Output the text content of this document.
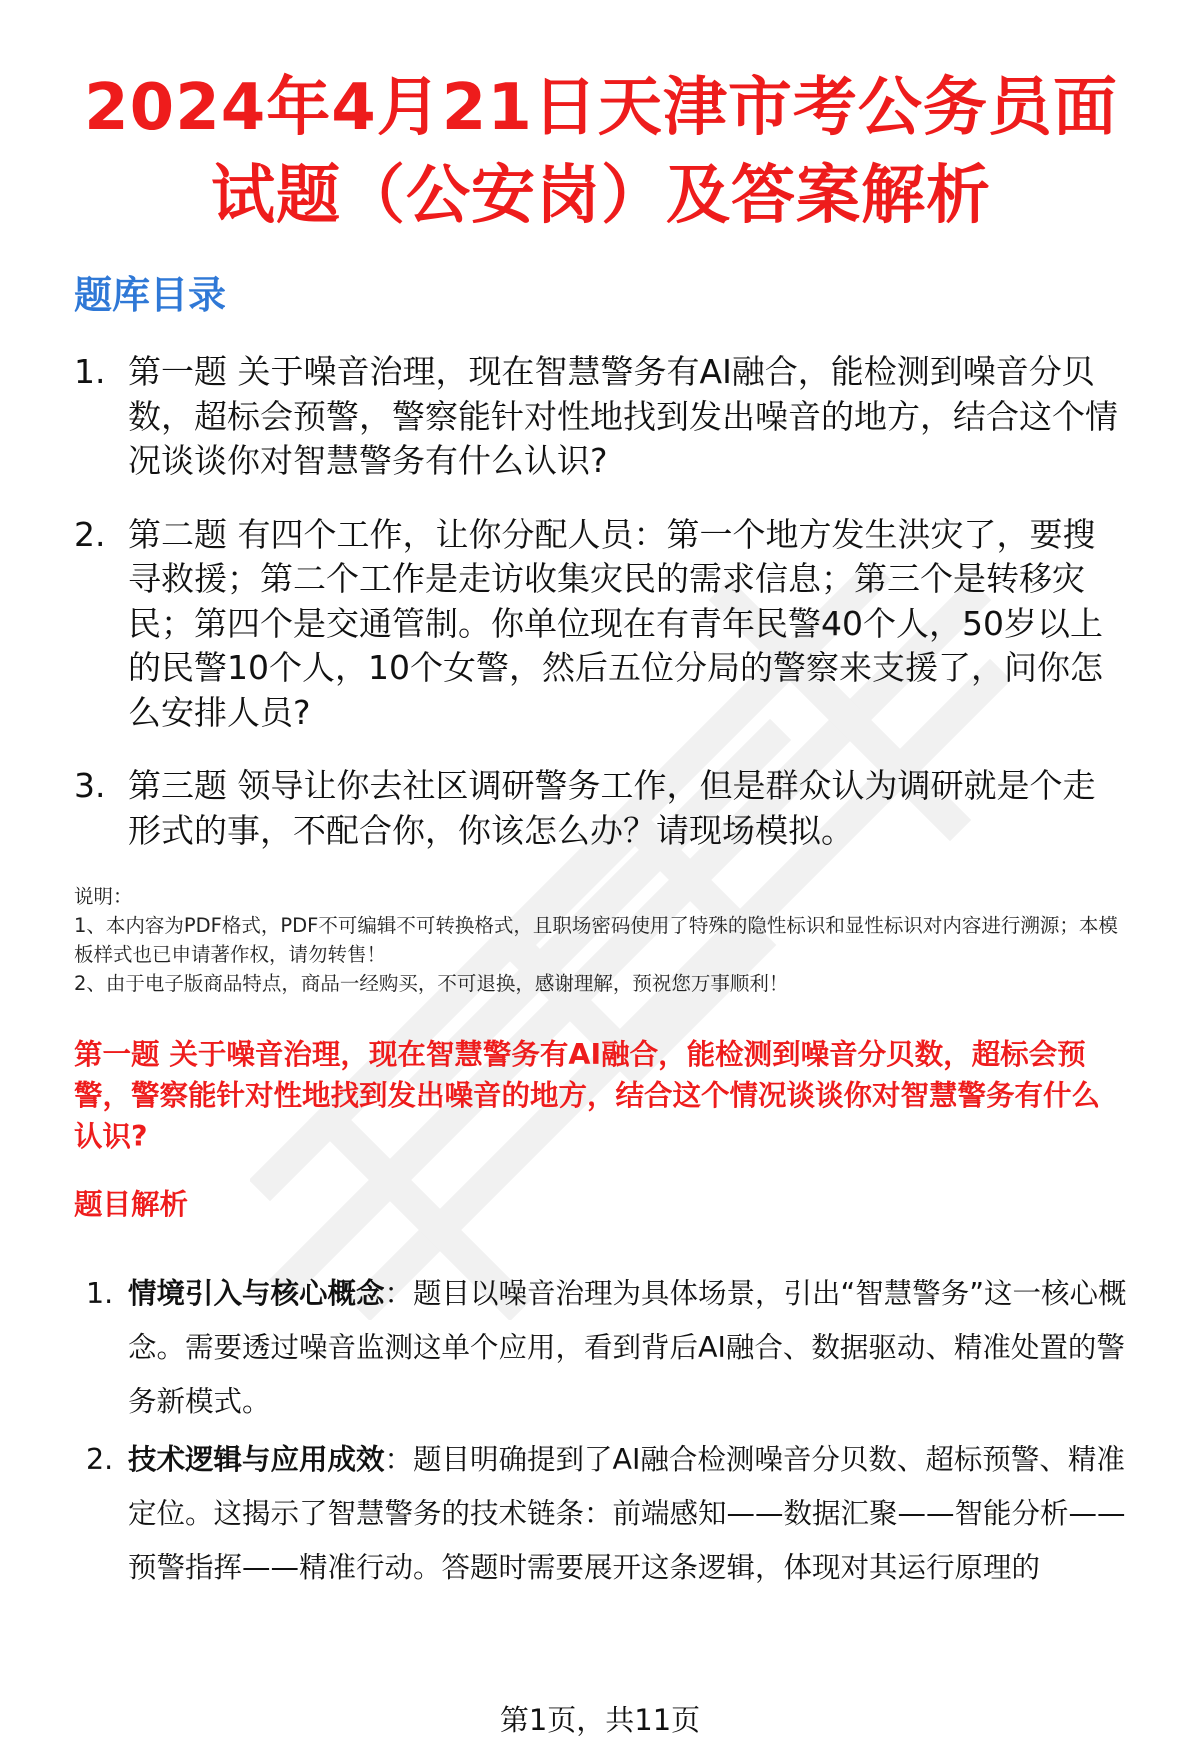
2024年4月21日天津市考公务员面试题（公安岗）及答案解析
题库目录
1. 第一题 关于噪音治理，现在智慧警务有AI融合，能检测到噪音分贝数，超标会预警，警察能针对性地找到发出噪音的地方，结合这个情况谈谈你对智慧警务有什么认识?
2. 第二题 有四个工作，让你分配人员：第一个地方发生洪灾了，要搜寻救援；第二个工作是走访收集灾民的需求信息；第三个是转移灾民；第四个是交通管制。你单位现在有青年民警40个人，50岁以上的民警10个人，10个女警，然后五位分局的警察来支援了，问你怎么安排人员?
3. 第三题 领导让你去社区调研警务工作，但是群众认为调研就是个走形式的事，不配合你，你该怎么办？请现场模拟。
说明：
1、本内容为PDF格式，PDF不可编辑不可转换格式，且职场密码使用了特殊的隐性标识和显性标识对内容进行溯源；本模板样式也已申请著作权，请勿转售！
2、由于电子版商品特点，商品一经购买，不可退换，感谢理解，预祝您万事顺利！
第一题 关于噪音治理，现在智慧警务有AI融合，能检测到噪音分贝数，超标会预警，警察能针对性地找到发出噪音的地方，结合这个情况谈谈你对智慧警务有什么认识?
题目解析
1. 情境引入与核心概念：题目以噪音治理为具体场景，引出“智慧警务”这一核心概念。需要透过噪音监测这单个应用，看到背后AI融合、数据驱动、精准处置的警务新模式。
2. 技术逻辑与应用成效：题目明确提到了AI融合检测噪音分贝数、超标预警、精准定位。这揭示了智慧警务的技术链条：前端感知——数据汇聚——智能分析——预警指挥——精准行动。答题时需要展开这条逻辑，体现对其运行原理的
第1页，共11页
